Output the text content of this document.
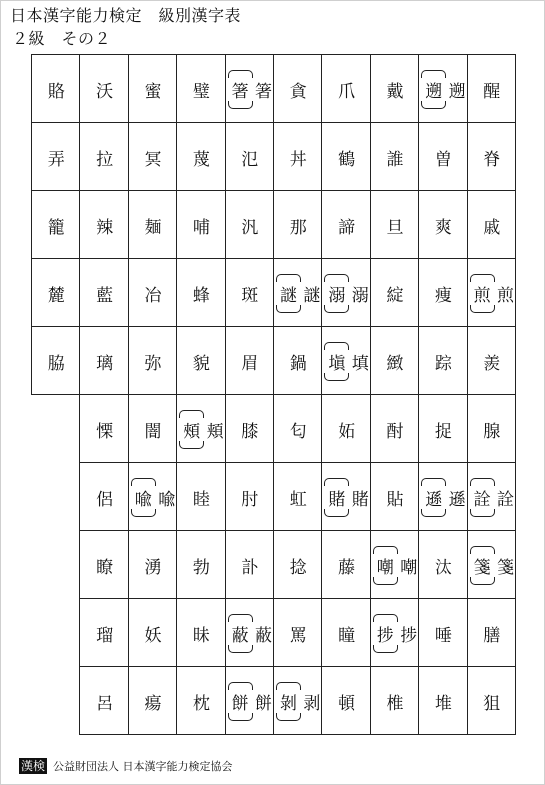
日本漢字能力検定　級別漢字表
２級　その２
賂 沃 蜜 璧 箸 箸 貪 爪 戴 遡 遡 醒
弄 拉 冥 蔑 氾 丼 鶴 誰 曽 脊
籠 辣 麺 哺 汎 那 諦 旦 爽 戚
麓 藍 冶 蜂 斑 謎 謎 溺 溺 綻 痩 煎 煎
脇 璃 弥 貌 眉 鍋 塡 填 緻 踪 羨
慄 闇 頰 頬 膝 匂 妬 酎 捉 腺
侶 喩 喩 睦 肘 虹 賭 賭 貼 遜 遜 詮 詮
瞭 湧 勃 訃 捻 藤 嘲 嘲 汰 箋 箋
瑠 妖 昧 蔽 蔽 罵 瞳 捗 捗 唾 膳
呂 瘍 枕 餅 餅 剝 剥 頓 椎 堆 狙
漢検 公益財団法人 日本漢字能力検定協会
